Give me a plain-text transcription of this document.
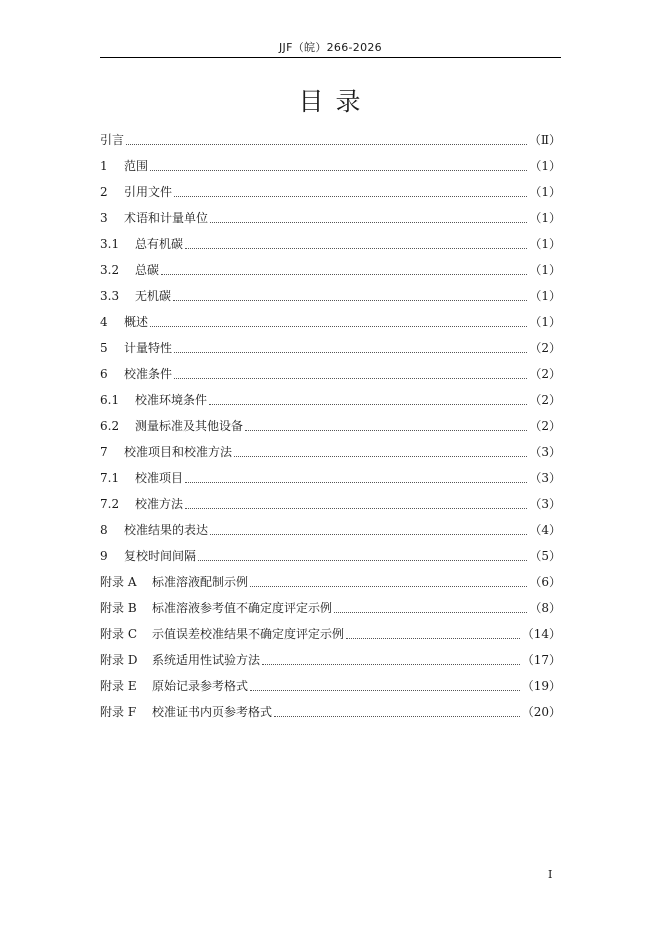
JJF（皖）266-2026
目 录
引言	（Ⅱ）
1	范围	（1）
2	引用文件	（1）
3	术语和计量单位	（1）
3.1	总有机碳	（1）
3.2	总碳	（1）
3.3	无机碳	（1）
4	概述	（1）
5	计量特性	（2）
6	校准条件	（2）
6.1	校准环境条件	（2）
6.2	测量标准及其他设备	（2）
7	校准项目和校准方法	（3）
7.1	校准项目	（3）
7.2	校准方法	（3）
8	校准结果的表达	（4）
9	复校时间间隔	（5）
附录 A	标准溶液配制示例	（6）
附录 B	标准溶液参考值不确定度评定示例	（8）
附录 C	示值误差校准结果不确定度评定示例	（14）
附录 D	系统适用性试验方法	（17）
附录 E	原始记录参考格式	（19）
附录 F	校准证书内页参考格式	（20）
I
